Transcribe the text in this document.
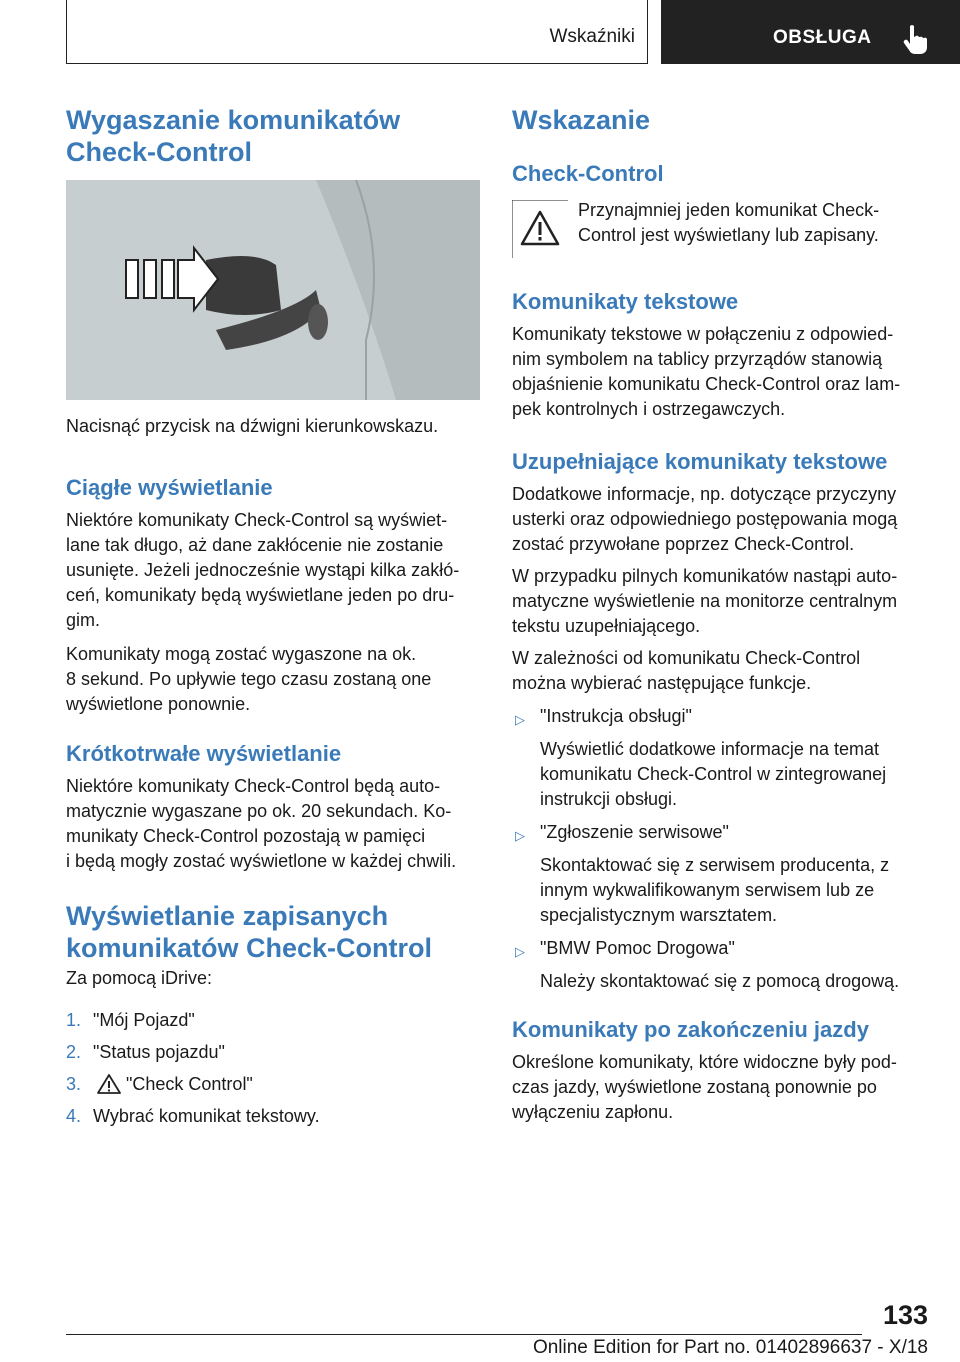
Wskaźniki	OBSŁUGA
Wygaszanie komunikatów
Check-Control

Nacisnąć przycisk na dźwigni kierunkowskazu.

Ciągłe wyświetlanie
Niektóre komunikaty Check-Control są wyświet-
lane tak długo, aż dane zakłócenie nie zostanie
usunięte. Jeżeli jednocześnie wystąpi kilka zakłó-
ceń, komunikaty będą wyświetlane jeden po dru-
gim.
Komunikaty mogą zostać wygaszone na ok.
8 sekund. Po upływie tego czasu zostaną one
wyświetlone ponownie.
Krótkotrwałe wyświetlanie
Niektóre komunikaty Check-Control będą auto-
matycznie wygaszane po ok. 20 sekundach. Ko-
munikaty Check-Control pozostają w pamięci
i będą mogły zostać wyświetlone w każdej chwili.
Wyświetlanie zapisanych
komunikatów Check-Control

Za pomocą iDrive:

1. "Mój Pojazd"
2. "Status pojazdu"
3. "Check Control"
4. Wybrać komunikat tekstowy.
Wskazanie
Check-Control
Przynajmniej jeden komunikat Check-
Control jest wyświetlany lub zapisany.
Komunikaty tekstowe
Komunikaty tekstowe w połączeniu z odpowied-
nim symbolem na tablicy przyrządów stanowią
objaśnienie komunikatu Check-Control oraz lam-
pek kontrolnych i ostrzegawczych.
Uzupełniające komunikaty tekstowe
Dodatkowe informacje, np. dotyczące przyczyny
usterki oraz odpowiedniego postępowania mogą
zostać przywołane poprzez Check-Control.
W przypadku pilnych komunikatów nastąpi auto-
matyczne wyświetlenie na monitorze centralnym
tekstu uzupełniającego.
W zależności od komunikatu Check-Control
można wybierać następujące funkcje.
▷ "Instrukcja obsługi"
Wyświetlić dodatkowe informacje na temat
komunikatu Check-Control w zintegrowanej
instrukcji obsługi.
▷ "Zgłoszenie serwisowe"
Skontaktować się z serwisem producenta, z
innym wykwalifikowanym serwisem lub ze
specjalistycznym warsztatem.
▷ "BMW Pomoc Drogowa"
Należy skontaktować się z pomocą drogową.
Komunikaty po zakończeniu jazdy
Określone komunikaty, które widoczne były pod-
czas jazdy, wyświetlone zostaną ponownie po
wyłączeniu zapłonu.
133
Online Edition for Part no. 01402896637 - X/18
